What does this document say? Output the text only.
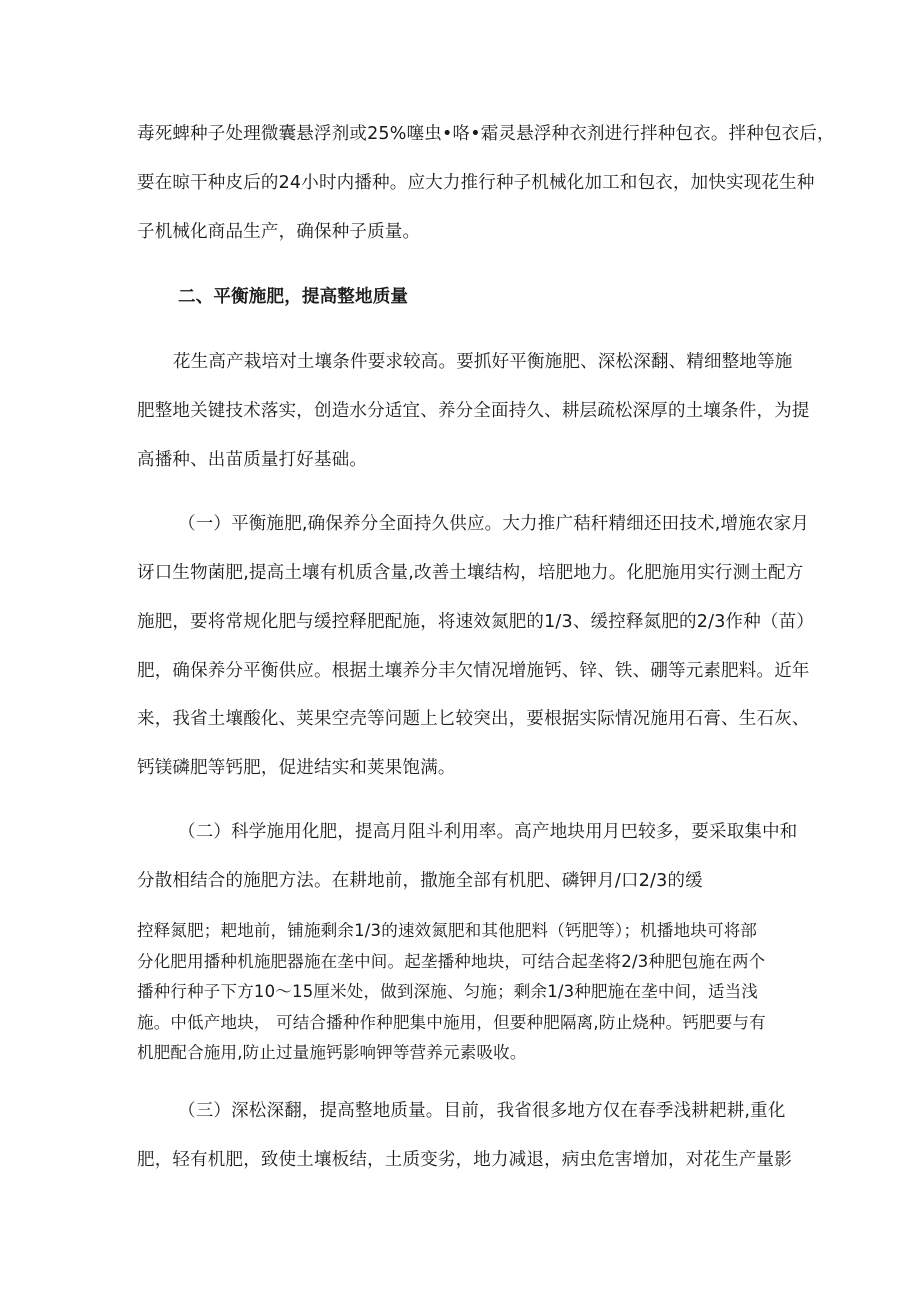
毒死蜱种子处理微囊悬浮剂或25%噻虫•咯•霜灵悬浮种衣剂进行拌种包衣。拌种包衣后，

要在晾干种皮后的24小时内播种。应大力推行种子机械化加工和包衣，加快实现花生种

子机械化商品生产，确保种子质量。

二、平衡施肥，提高整地质量

花生高产栽培对土壤条件要求较高。要抓好平衡施肥、深松深翻、精细整地等施

肥整地关键技术落实，创造水分适宜、养分全面持久、耕层疏松深厚的土壤条件，为提

高播种、出苗质量打好基础。

（一）平衡施肥,确保养分全面持久供应。大力推广秸秆精细还田技术,增施农家月

讶口生物菌肥,提高土壤有机质含量,改善土壤结构，培肥地力。化肥施用实行测土配方

施肥，要将常规化肥与缓控释肥配施，将速效氮肥的1/3、缓控释氮肥的2/3作种（苗）

肥，确保养分平衡供应。根据土壤养分丰欠情况增施钙、锌、铁、硼等元素肥料。近年

来，我省土壤酸化、荚果空壳等问题上匕较突出，要根据实际情况施用石膏、生石灰、

钙镁磷肥等钙肥，促进结实和荚果饱满。

（二）科学施用化肥，提高月阻斗利用率。高产地块用月巴较多，要采取集中和

分散相结合的施肥方法。在耕地前，撒施全部有机肥、磷钾月/口2/3的缓

控释氮肥；耙地前，铺施剩余1/3的速效氮肥和其他肥料（钙肥等）；机播地块可将部

分化肥用播种机施肥器施在垄中间。起垄播种地块，可结合起垄将2/3种肥包施在两个

播种行种子下方10～15厘米处，做到深施、匀施；剩余1/3种肥施在垄中间，适当浅

施。中低产地块， 可结合播种作种肥集中施用，但要种肥隔离,防止烧种。钙肥要与有

机肥配合施用,防止过量施钙影响钾等营养元素吸收。

（三）深松深翻，提高整地质量。目前，我省很多地方仅在春季浅耕耙耕,重化

肥，轻有机肥，致使土壤板结，土质变劣，地力减退，病虫危害增加，对花生产量影
